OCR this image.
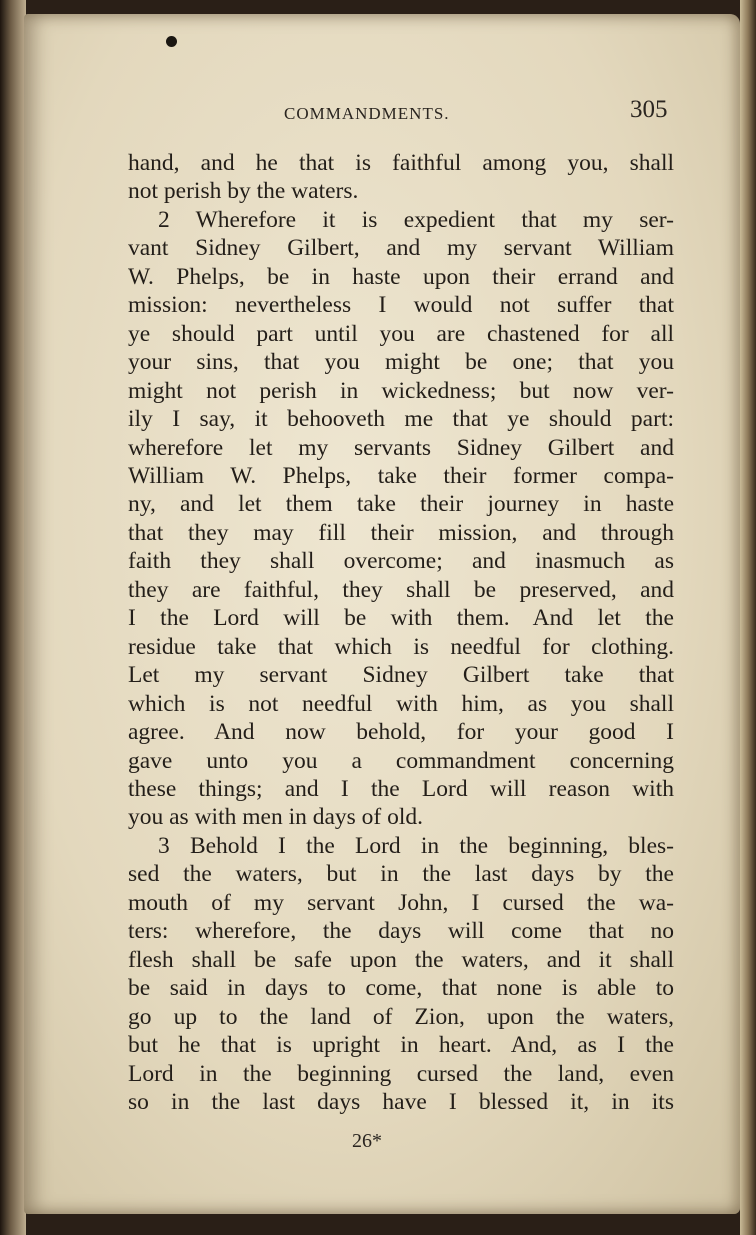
COMMANDMENTS.	305
hand, and he that is faithful among you, shall
not perish by the waters.
2 Wherefore it is expedient that my ser-
vant Sidney Gilbert, and my servant William
W. Phelps, be in haste upon their errand and
mission: nevertheless I would not suffer that
ye should part until you are chastened for all
your sins, that you might be one; that you
might not perish in wickedness; but now ver-
ily I say, it behooveth me that ye should part:
wherefore let my servants Sidney Gilbert and
William W. Phelps, take their former compa-
ny, and let them take their journey in haste
that they may fill their mission, and through
faith they shall overcome; and inasmuch as
they are faithful, they shall be preserved, and
I the Lord will be with them. And let the
residue take that which is needful for clothing.
Let my servant Sidney Gilbert take that
which is not needful with him, as you shall
agree. And now behold, for your good I
gave unto you a commandment concerning
these things; and I the Lord will reason with
you as with men in days of old.
3 Behold I the Lord in the beginning, bles-
sed the waters, but in the last days by the
mouth of my servant John, I cursed the wa-
ters: wherefore, the days will come that no
flesh shall be safe upon the waters, and it shall
be said in days to come, that none is able to
go up to the land of Zion, upon the waters,
but he that is upright in heart. And, as I the
Lord in the beginning cursed the land, even
so in the last days have I blessed it, in its
26*
